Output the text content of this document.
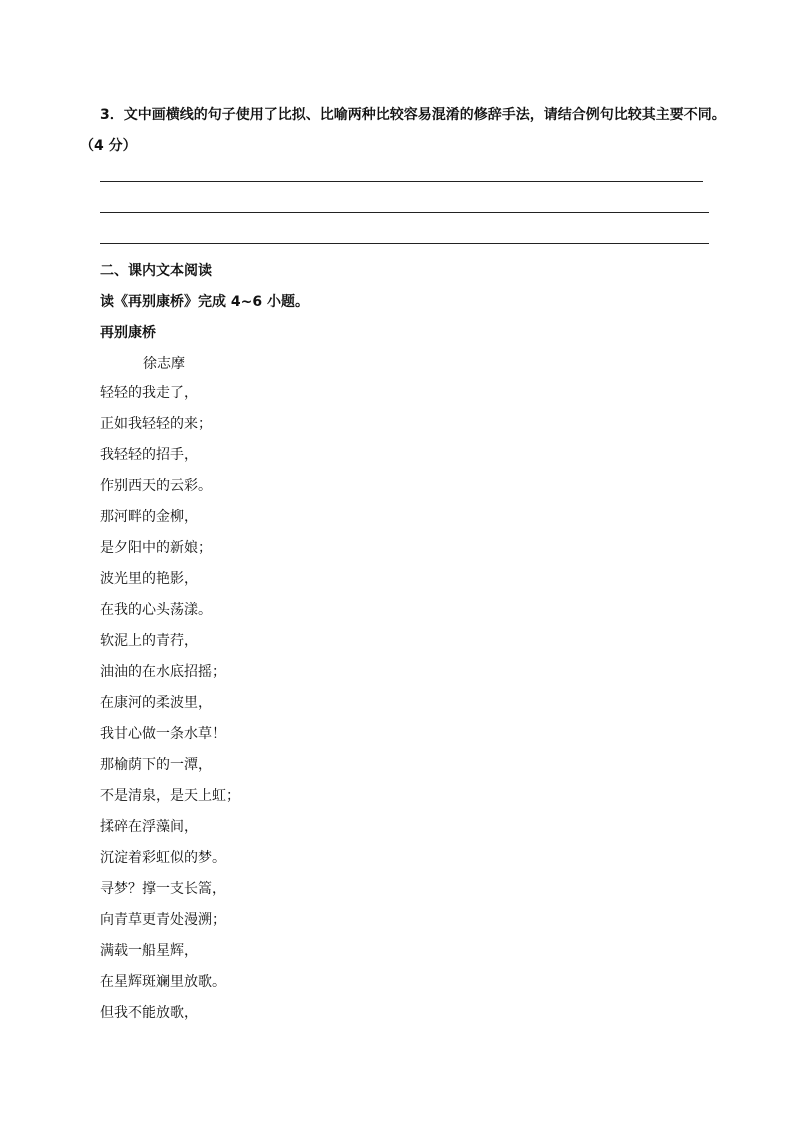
3．文中画横线的句子使用了比拟、比喻两种比较容易混淆的修辞手法，请结合例句比较其主要不同。
（4 分）
二、课内文本阅读
读《再别康桥》完成 4~6 小题。
再别康桥
徐志摩
轻轻的我走了，
正如我轻轻的来；
我轻轻的招手，
作别西天的云彩。
那河畔的金柳，
是夕阳中的新娘；
波光里的艳影，
在我的心头荡漾。
软泥上的青荇，
油油的在水底招摇；
在康河的柔波里，
我甘心做一条水草！
那榆荫下的一潭，
不是清泉，是天上虹；
揉碎在浮藻间，
沉淀着彩虹似的梦。
寻梦？撑一支长篙，
向青草更青处漫溯；
满载一船星辉，
在星辉斑斓里放歌。
但我不能放歌，
